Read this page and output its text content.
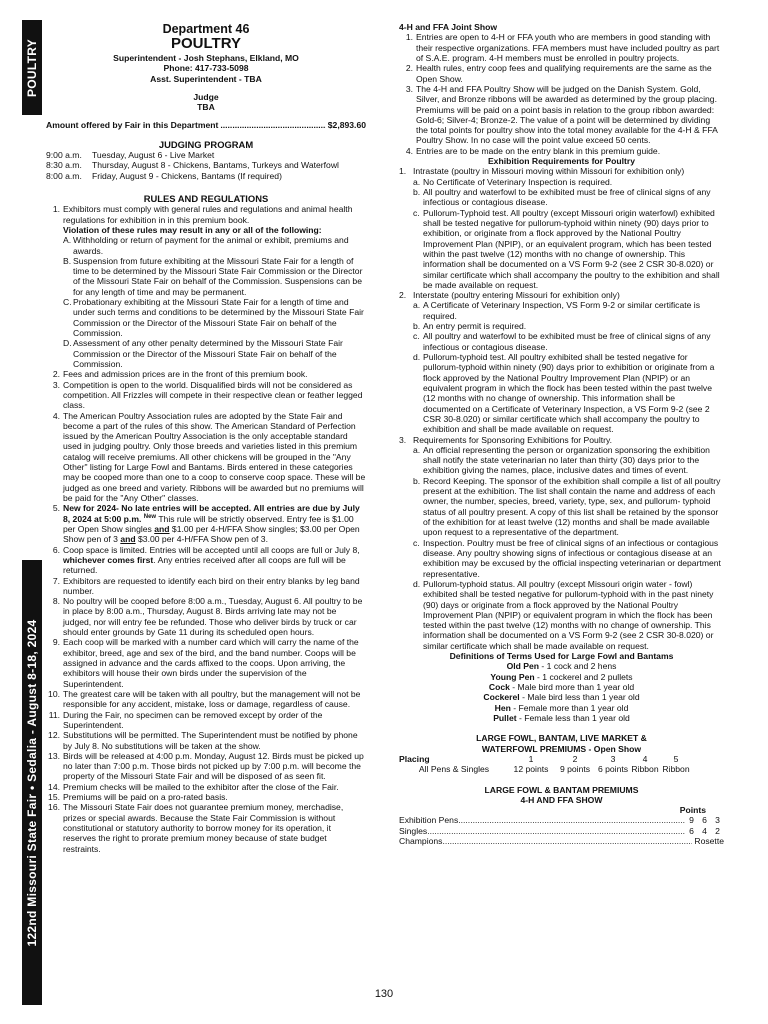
POULTRY
122nd Missouri State Fair • Sedalia - August 8-18, 2024
Department 46
POULTRY
Superintendent - Josh Stephans, Elkland, MO
Phone: 417-733-5098
Asst. Superintendent - TBA
Judge
TBA
Amount offered by Fair in this Department .....	$2,893.60
JUDGING PROGRAM
9:00 a.m.	Tuesday, August 6 - Live Market
8:30 a.m.	Thursday, August 8 - Chickens, Bantams, Turkeys and Waterfowl
8:00 a.m.	Friday, August 9 - Chickens, Bantams (If required)
RULES AND REGULATIONS
1. Exhibitors must comply with general rules and regulations and animal health regulations for exhibition in in this premium book.
Violation of these rules may result in any or all of the following:
A. Withholding or return of payment for the animal or exhibit, premiums and awards.
B. Suspension from future exhibiting at the Missouri State Fair for a length of time to be determined by the Missouri State Fair Commission or the Director of the Missouri State Fair on behalf of the Commission. Suspensions can be for any length of time and may be permanent.
C. Probationary exhibiting at the Missouri State Fair for a length of time and under such terms and conditions to be determined by the Missouri State Fair Commission or the Director of the Missouri State Fair on behalf of the Commission.
D. Assessment of any other penalty determined by the Missouri State Fair Commission or the Director of the Missouri State Fair on behalf of the Commission.
2. Fees and admission prices are in the front of this premium book.
3. Competition is open to the world. Disqualified birds will not be considered as competition. All Frizzles will compete in their respective clean or feather legged class.
4. The American Poultry Association rules are adopted by the State Fair and become a part of the rules of this show. The American Standard of Perfection issued by the American Poultry Association is the only acceptable standard used in judging poultry. Only those breeds and varieties listed in this premium catalog will receive premiums. All other chickens will be grouped in the "Any Other" listing for Large Fowl and Bantams. Birds entered in these categories may be cooped more than one to a coop to conserve coop space. These will be judged as one breed and variety. Ribbons will be awarded but no premiums will be paid for the "Any Other" classes.
5. New for 2024- No late entries will be accepted. All entries are due by July 8, 2024 at 5:00 p.m. $^{New}$ This rule will be strictly observed. Entry fee is $1.00 per Open Show singles and $1.00 per 4-H/FFA Show singles; $3.00 per Open Show pen of 3 and $3.00 per 4-H/FFA Show pen of 3.
6. Coop space is limited. Entries will be accepted until all coops are full or July 8, whichever comes first. Any entries received after all coops are full will be returned.
7. Exhibitors are requested to identify each bird on their entry blanks by leg band number.
8. No poultry will be cooped before 8:00 a.m., Tuesday, August 6. All poultry to be in place by 8:00 a.m., Thursday, August 8. Birds arriving late may not be judged, nor will entry fee be refunded. Those who deliver birds by truck or car should enter grounds by Gate 11 during its scheduled open hours.
9. Each coop will be marked with a number card which will carry the name of the exhibitor, breed, age and sex of the bird, and the band number. Coops will be assigned in advance and the cards affixed to the coops. Upon arriving, the exhibitors will house their own birds under the supervision of the Superintendent.
10. The greatest care will be taken with all poultry, but the management will not be responsible for any accident, mistake, loss or damage, regardless of cause.
11. During the Fair, no specimen can be removed except by order of the Superintendent.
12. Substitutions will be permitted. The Superintendent must be notified by phone by July 8. No substitutions will be taken at the show.
13. Birds will be released at 4:00 p.m. Monday, August 12. Birds must be picked up no later than 7:00 p.m. Those birds not picked up by 7:00 p.m. will become the property of the Missouri State Fair and will be disposed of as seen fit.
14. Premium checks will be mailed to the exhibitor after the close of the Fair.
15. Premiums will be paid on a pro-rated basis.
16. The Missouri State Fair does not guarantee premium money, merchadise, prizes or special awards. Because the State Fair Commission is without constitutional or statutory authority to borrow money for its operation, it reserves the right to prorate premium money because of state budget restraints.
4-H and FFA Joint Show
1. Entries are open to 4-H or FFA youth who are members in good standing with their respective organizations. FFA members must have included poultry as part of S.A.E. program. 4-H members must be enrolled in poultry projects.
2. Health rules, entry coop fees and qualifying requirements are the same as the Open Show.
3. The 4-H and FFA Poultry Show will be judged on the Danish System. Gold, Silver, and Bronze ribbons will be awarded as determined by the group placing. Premiums will be paid on a point basis in relation to the group ribbon awarded: Gold-6; Silver-4; Bronze-2. The value of a point will be determined by dividing the total points for poultry show into the total money available for the 4-H & FFA Poultry Show. In no case will the point value exceed 50 cents.
4. Entries are to be made on the entry blank in this premium guide.
Exhibition Requirements for Poultry
1. Intrastate (poultry in Missouri moving within Missouri for exhibition only)
a. No Certificate of Veterinary Inspection is required.
b. All poultry and waterfowl to be exhibited must be free of clinical signs of any infectious or contagious disease.
c. Pullorum-Typhoid test. All poultry (except Missouri origin waterfowl) exhibited shall be tested negative for pullorum-typhoid within ninety (90) days prior to exhibition, or originate from a flock approved by the National Poultry Improvement Plan (NPIP), or an equivalent program, which has been tested within the past twelve (12) months with no change of ownership. This information shall be documented on a VS Form 9-2 (see 2 CSR 30-8.020) or similar certificate which shall accompany the poultry to the exhibition and shall be made available on request.
2. Interstate (poultry entering Missouri for exhibition only)
a. A Certificate of Veterinary Inspection, VS Form 9-2 or similar certificate is required.
b. An entry permit is required.
c. All poultry and waterfowl to be exhibited must be free of clinical signs of any infectious or contagious disease.
d. Pullorum-typhoid test. All poultry exhibited shall be tested negative for pullorum-typhoid within ninety (90) days prior to exhibition or originate from a flock approved by the National Poultry Improvement Plan (NPIP) or an equivalent program in which the flock has been tested within the past twelve (12 months with no change of ownership. This information shall be documented on a Certificate of Veterinary Inspection, a VS Form 9-2 (see 2 CSR 30-8.020) or similar certificate which shall accompany the poultry to exhibition and shall be made available on request.
3. Requirements for Sponsoring Exhibitions for Poultry.
a. An official representing the person or organization sponsoring the exhibition shall notify the state veterinarian no later than thirty (30) days prior to the exhibition giving the names, place, inclusive dates and times of event.
b. Record Keeping. The sponsor of the exhibition shall compile a list of all poultry present at the exhibition. The list shall contain the name and address of each owner, the number, species, breed, variety, type, sex, and pullorum- typhoid status of all poultry present. A copy of this list shall be retained by the sponsor of the exhibition for at least twelve (12) months and shall be made available upon request to a representative of the department.
c. Inspection. Poultry must be free of clinical signs of an infectious or contagious disease. Any poultry showing signs of infectious or contagious disease at an exhibition may be excused by the official inspecting veterinarian or department representative.
d. Pullorum-typhoid status. All poultry (except Missouri origin water - fowl) exhibited shall be tested negative for pullorum-typhoid with in the past ninety (90) days or originate from a flock approved by the National Poultry Improvement Plan (NPIP) or equivalent program in which the flock has been tested within the past twelve (12) months with no change of ownership. This information shall be documented on a VS Form 9-2 (see 2 CSR 30-8.020) or similar certificate which shall be made available on request.
Definitions of Terms Used for Large Fowl and Bantams
Old Pen - 1 cock and 2 hens
Young Pen - 1 cockerel and 2 pullets
Cock - Male bird more than 1 year old
Cockerel - Male bird less than 1 year old
Hen - Female more than 1 year old
Pullet - Female less than 1 year old
LARGE FOWL, BANTAM, LIVE MARKET &
WATERFOWL PREMIUMS - Open Show
Placing	1	2	3	4	5
All Pens & Singles	12 points	9 points 6 points Ribbon Ribbon
LARGE FOWL & BANTAM PREMIUMS
4-H AND FFA SHOW
Points
Exhibition Pens .....	9 6 3
Singles .....	6 4 2
Champions .....	Rosette
130
